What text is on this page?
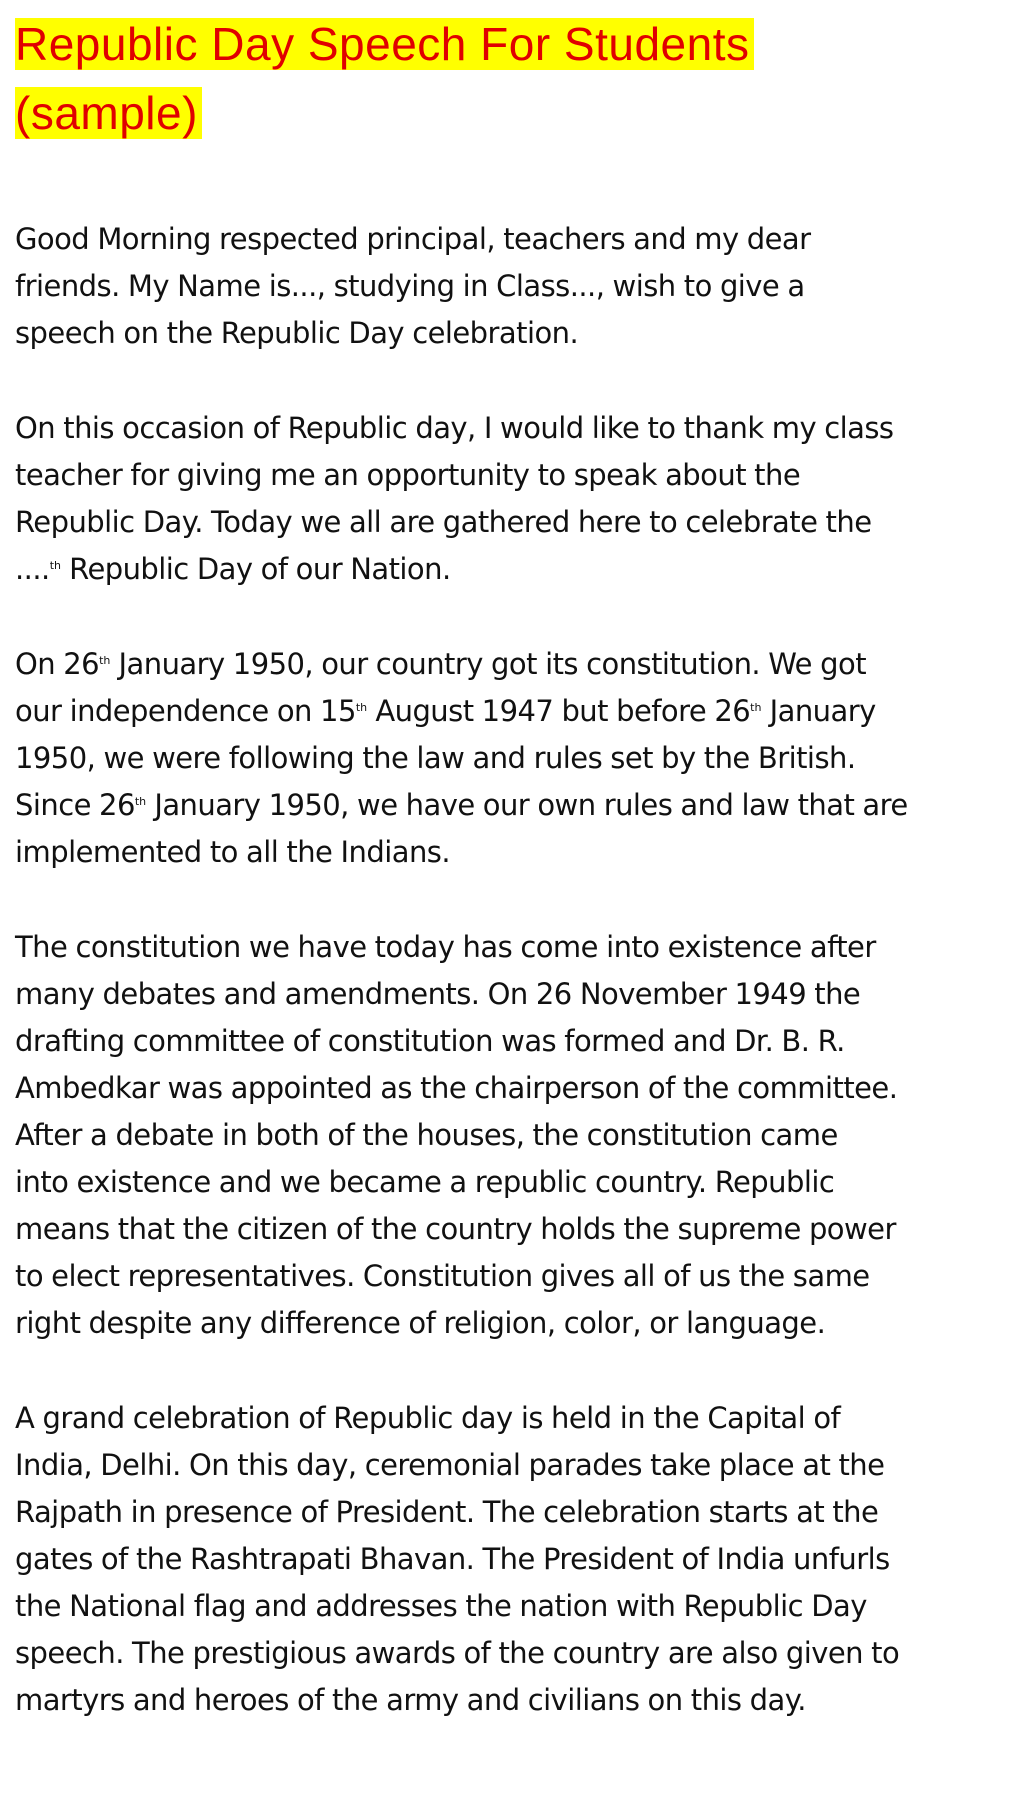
Republic Day Speech For Students
(sample)

Good Morning respected principal, teachers and my dear
friends. My Name is..., studying in Class..., wish to give a
speech on the Republic Day celebration.

On this occasion of Republic day, I would like to thank my class
teacher for giving me an opportunity to speak about the
Republic Day. Today we all are gathered here to celebrate the
....$^{th}$ Republic Day of our Nation.

On 26th January 1950, our country got its constitution. We got
our independence on 15th August 1947 but before 26th January
1950, we were following the law and rules set by the British.
Since 26th January 1950, we have our own rules and law that are
implemented to all the Indians.

The constitution we have today has come into existence after
many debates and amendments. On 26 November 1949 the
drafting committee of constitution was formed and Dr. B. R.
Ambedkar was appointed as the chairperson of the committee.
After a debate in both of the houses, the constitution came
into existence and we became a republic country. Republic
means that the citizen of the country holds the supreme power
to elect representatives. Constitution gives all of us the same
right despite any difference of religion, color, or language.

A grand celebration of Republic day is held in the Capital of
India, Delhi. On this day, ceremonial parades take place at the
Rajpath in presence of President. The celebration starts at the
gates of the Rashtrapati Bhavan. The President of India unfurls
the National flag and addresses the nation with Republic Day
speech. The prestigious awards of the country are also given to
martyrs and heroes of the army and civilians on this day.
